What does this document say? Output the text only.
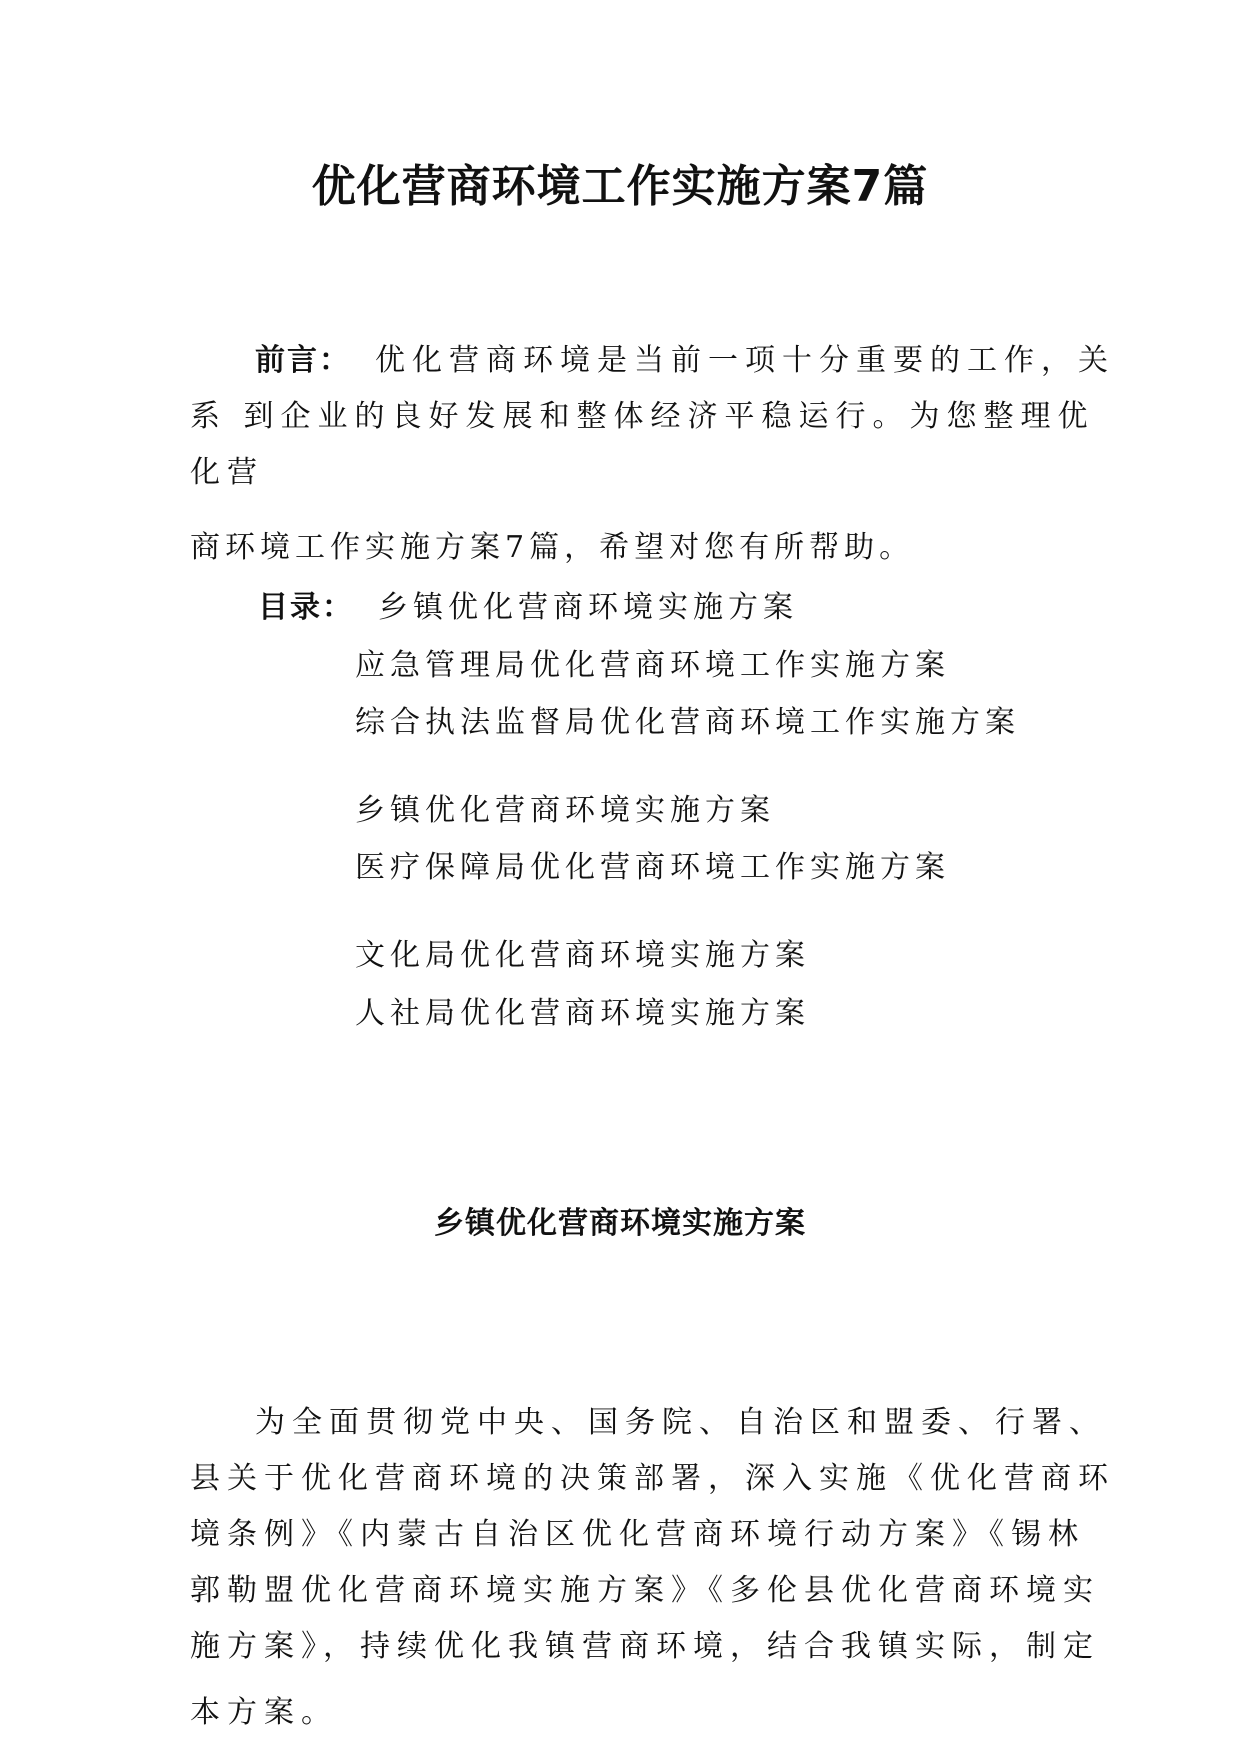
优化营商环境工作实施方案7篇
前言： 优化营商环境是当前一项十分重要的工作，关
系 到企业的良好发展和整体经济平稳运行。为您整理优
化营
商环境工作实施方案7篇，希望对您有所帮助。
目录： 乡镇优化营商环境实施方案
应急管理局优化营商环境工作实施方案
综合执法监督局优化营商环境工作实施方案
乡镇优化营商环境实施方案
医疗保障局优化营商环境工作实施方案
文化局优化营商环境实施方案
人社局优化营商环境实施方案
乡镇优化营商环境实施方案
为全面贯彻党中央、国务院、自治区和盟委、行署、
县关于优化营商环境的决策部署，深入实施《优化营商环
境条例》《内蒙古自治区优化营商环境行动方案》《锡林
郭勒盟优化营商环境实施方案》《多伦县优化营商环境实
施方案》，持续优化我镇营商环境，结合我镇实际，制定
本方案。
